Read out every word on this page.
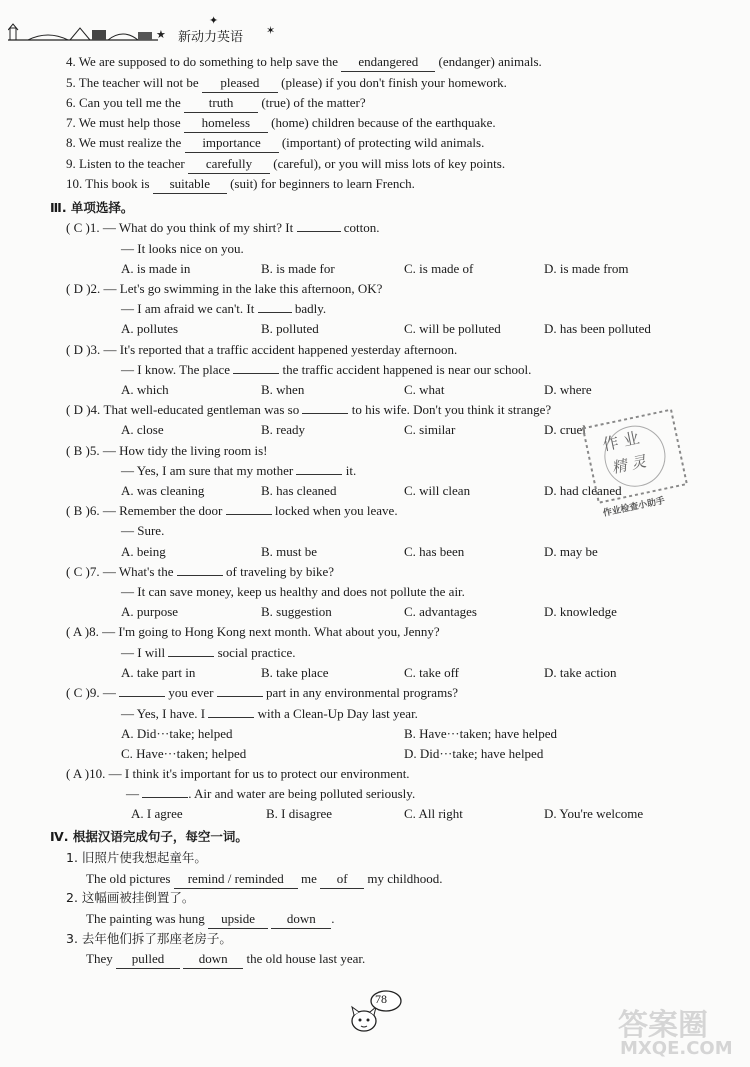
★ 新动力英语
✦
✶
4. We are supposed to do something to help save the endangered (endanger) animals.
5. The teacher will not be pleased (please) if you don't finish your homework.
6. Can you tell me the truth (true) of the matter?
7. We must help those homeless (home) children because of the earthquake.
8. We must realize the importance (important) of protecting wild animals.
9. Listen to the teacher carefully (careful), or you will miss lots of key points.
10. This book is suitable (suit) for beginners to learn French.
Ⅲ. 单项选择。
( C )1. — What do you think of my shirt? It	cotton.
— It looks nice on you.
A. is made in	B. is made for	C. is made of	D. is made from
( D )2. — Let's go swimming in the lake this afternoon, OK?
— I am afraid we can't. It	badly.
A. pollutes	B. polluted	C. will be polluted	D. has been polluted
( D )3. — It's reported that a traffic accident happened yesterday afternoon.
— I know. The place	the traffic accident happened is near our school.
A. which	B. when	C. what	D. where
( D )4. That well-educated gentleman was so	to his wife. Don't you think it strange?
A. close	B. ready	C. similar	D. cruel
( B )5. — How tidy the living room is!
— Yes, I am sure that my mother	it.
A. was cleaning	B. has cleaned	C. will clean	D. had cleaned
( B )6. — Remember the door	locked when you leave.
— Sure.
A. being	B. must be	C. has been	D. may be
( C )7. — What's the	of traveling by bike?
— It can save money, keep us healthy and does not pollute the air.
A. purpose	B. suggestion	C. advantages	D. knowledge
( A )8. — I'm going to Hong Kong next month. What about you, Jenny?
— I will	social practice.
A. take part in	B. take place	C. take off	D. take action
( C )9. —	you ever	part in any environmental programs?
— Yes, I have. I	with a Clean-Up Day last year.
A. Did···take; helped	B. Have···taken; have helped
C. Have···taken; helped	D. Did···take; have helped
( A )10. — I think it's important for us to protect our environment.
—	. Air and water are being polluted seriously.
A. I agree	B. I disagree	C. All right	D. You're welcome
Ⅳ. 根据汉语完成句子，每空一词。
1. 旧照片使我想起童年。
The old pictures remind / reminded me of my childhood.
2. 这幅画被挂倒置了。
The painting was hung upside down .
3. 去年他们拆了那座老房子。
They pulled	down the old house last year.
作 业
精 灵
作业检查小助手
78
答案圈
MXQE.COM
